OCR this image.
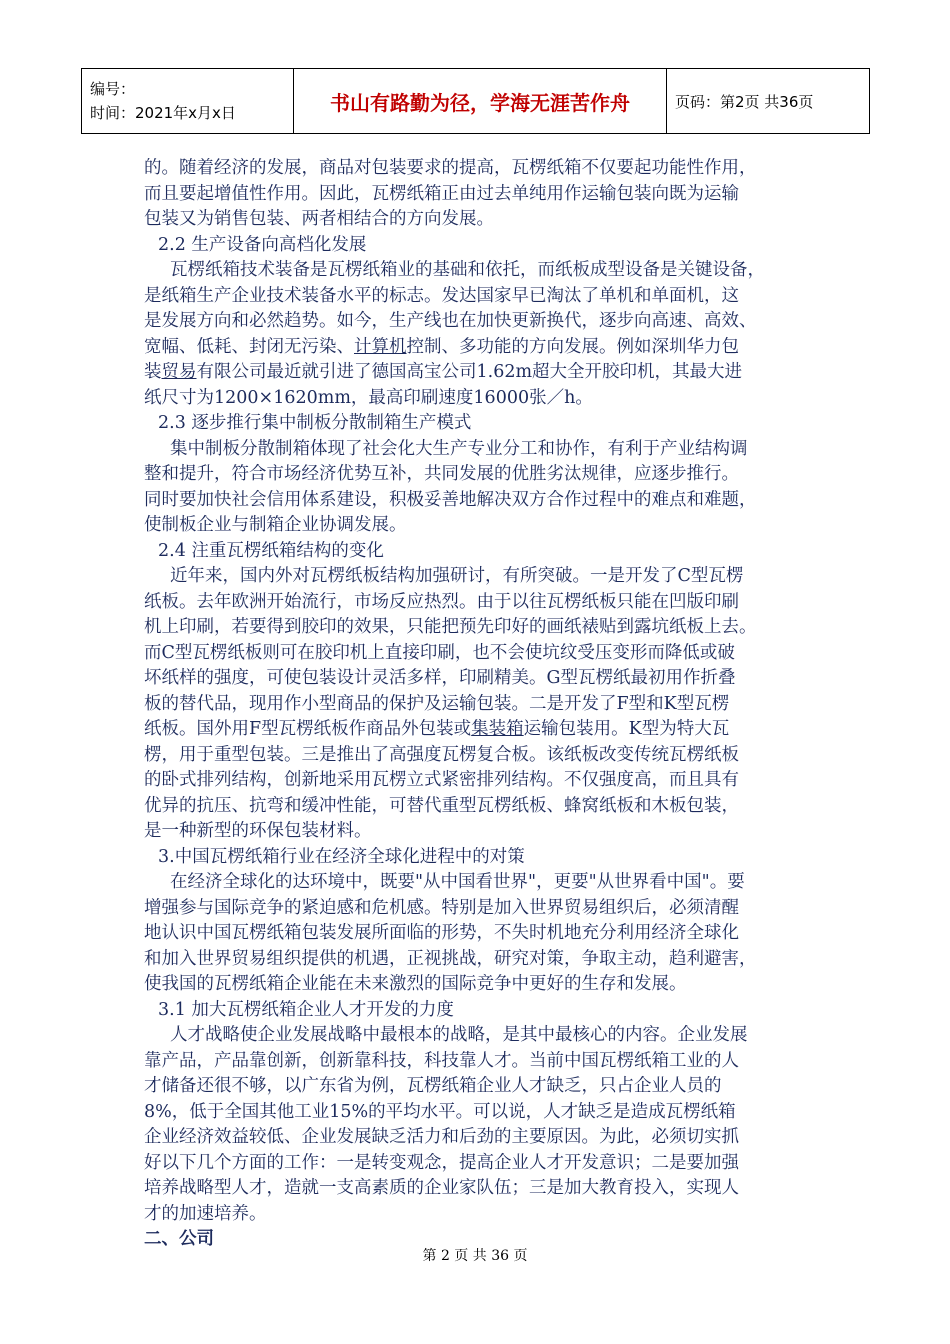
编号：
时间：2021年x月x日	书山有路勤为径，学海无涯苦作舟	页码：第2页 共36页
的。随着经济的发展，商品对包装要求的提高，瓦楞纸箱不仅要起功能性作用，
而且要起增值性作用。因此，瓦楞纸箱正由过去单纯用作运输包装向既为运输
包装又为销售包装、两者相结合的方向发展。
2.2 生产设备向高档化发展
瓦楞纸箱技术装备是瓦楞纸箱业的基础和依托，而纸板成型设备是关键设备，
是纸箱生产企业技术装备水平的标志。发达国家早已淘汰了单机和单面机，这
是发展方向和必然趋势。如今，生产线也在加快更新换代，逐步向高速、高效、
宽幅、低耗、封闭无污染、计算机控制、多功能的方向发展。例如深圳华力包
装贸易有限公司最近就引进了德国高宝公司1.62m超大全开胶印机，其最大进
纸尺寸为1200×1620mm，最高印刷速度16000张／h。
2.3 逐步推行集中制板分散制箱生产模式
集中制板分散制箱体现了社会化大生产专业分工和协作，有利于产业结构调
整和提升，符合市场经济优势互补，共同发展的优胜劣汰规律，应逐步推行。
同时要加快社会信用体系建设，积极妥善地解决双方合作过程中的难点和难题，
使制板企业与制箱企业协调发展。
2.4 注重瓦楞纸箱结构的变化
近年来，国内外对瓦楞纸板结构加强研讨，有所突破。一是开发了C型瓦楞
纸板。去年欧洲开始流行，市场反应热烈。由于以往瓦楞纸板只能在凹版印刷
机上印刷，若要得到胶印的效果，只能把预先印好的画纸裱贴到露坑纸板上去。
而C型瓦楞纸板则可在胶印机上直接印刷，也不会使坑纹受压变形而降低或破
坏纸样的强度，可使包装设计灵活多样，印刷精美。G型瓦楞纸最初用作折叠
板的替代品，现用作小型商品的保护及运输包装。二是开发了F型和K型瓦楞
纸板。国外用F型瓦楞纸板作商品外包装或集装箱运输包装用。K型为特大瓦
楞，用于重型包装。三是推出了高强度瓦楞复合板。该纸板改变传统瓦楞纸板
的卧式排列结构，创新地采用瓦楞立式紧密排列结构。不仅强度高，而且具有
优异的抗压、抗弯和缓冲性能，可替代重型瓦楞纸板、蜂窝纸板和木板包装，
是一种新型的环保包装材料。
3.中国瓦楞纸箱行业在经济全球化进程中的对策
在经济全球化的达环境中，既要"从中国看世界"，更要"从世界看中国"。要
增强参与国际竞争的紧迫感和危机感。特别是加入世界贸易组织后，必须清醒
地认识中国瓦楞纸箱包装发展所面临的形势，不失时机地充分利用经济全球化
和加入世界贸易组织提供的机遇，正视挑战，研究对策，争取主动，趋利避害，
使我国的瓦楞纸箱企业能在未来激烈的国际竞争中更好的生存和发展。
3.1 加大瓦楞纸箱企业人才开发的力度
人才战略使企业发展战略中最根本的战略，是其中最核心的内容。企业发展
靠产品，产品靠创新，创新靠科技，科技靠人才。当前中国瓦楞纸箱工业的人
才储备还很不够，以广东省为例，瓦楞纸箱企业人才缺乏，只占企业人员的
8%，低于全国其他工业15%的平均水平。可以说，人才缺乏是造成瓦楞纸箱
企业经济效益较低、企业发展缺乏活力和后劲的主要原因。为此，必须切实抓
好以下几个方面的工作：一是转变观念，提高企业人才开发意识；二是要加强
培养战略型人才，造就一支高素质的企业家队伍；三是加大教育投入，实现人
才的加速培养。
二、公司
第 2 页 共 36 页
